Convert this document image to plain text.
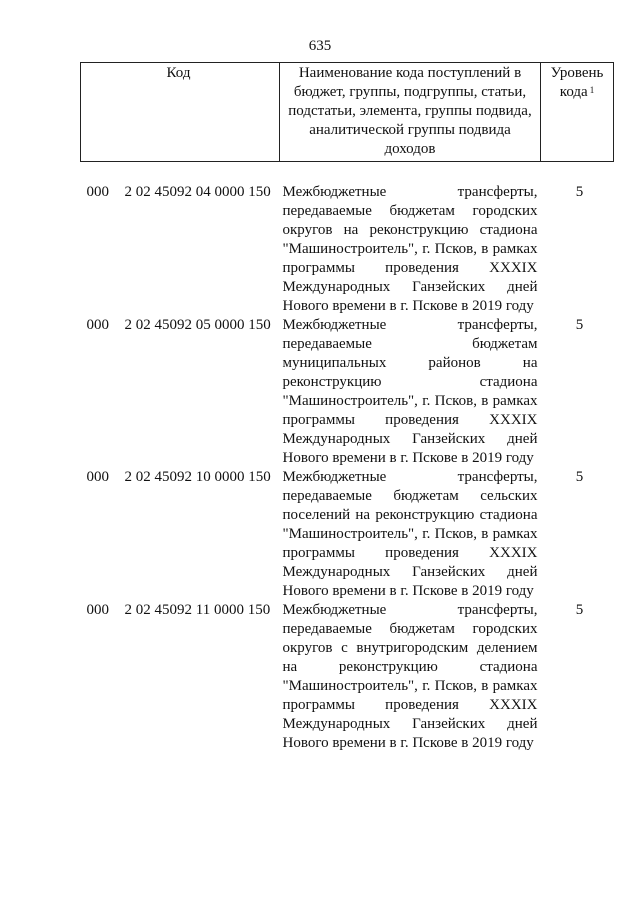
635
Код		Наименование кода поступлений в бюджет, группы, подгруппы, статьи, подстатьи, элемента, группы подвида, аналитической группы подвида доходов	Уровень кода $^1$

000	2 02 45092 04 0000 150	Межбюджетные трансферты, передаваемые бюджетам городских округов на реконструкцию стадиона "Машиностроитель", г. Псков, в рамках программы проведения XXXIX Международных Ганзейских дней Нового времени в г. Пскове в 2019 году	5
000	2 02 45092 05 0000 150	Межбюджетные трансферты, передаваемые бюджетам муниципальных районов на реконструкцию стадиона "Машиностроитель", г. Псков, в рамках программы проведения XXXIX Международных Ганзейских дней Нового времени в г. Пскове в 2019 году	5
000	2 02 45092 10 0000 150	Межбюджетные трансферты, передаваемые бюджетам сельских поселений на реконструкцию стадиона "Машиностроитель", г. Псков, в рамках программы проведения XXXIX Международных Ганзейских дней Нового времени в г. Пскове в 2019 году	5
000	2 02 45092 11 0000 150	Межбюджетные трансферты, передаваемые бюджетам городских округов с внутригородским делением на реконструкцию стадиона "Машиностроитель", г. Псков, в рамках программы проведения XXXIX Международных Ганзейских дней Нового времени в г. Пскове в 2019 году	5
